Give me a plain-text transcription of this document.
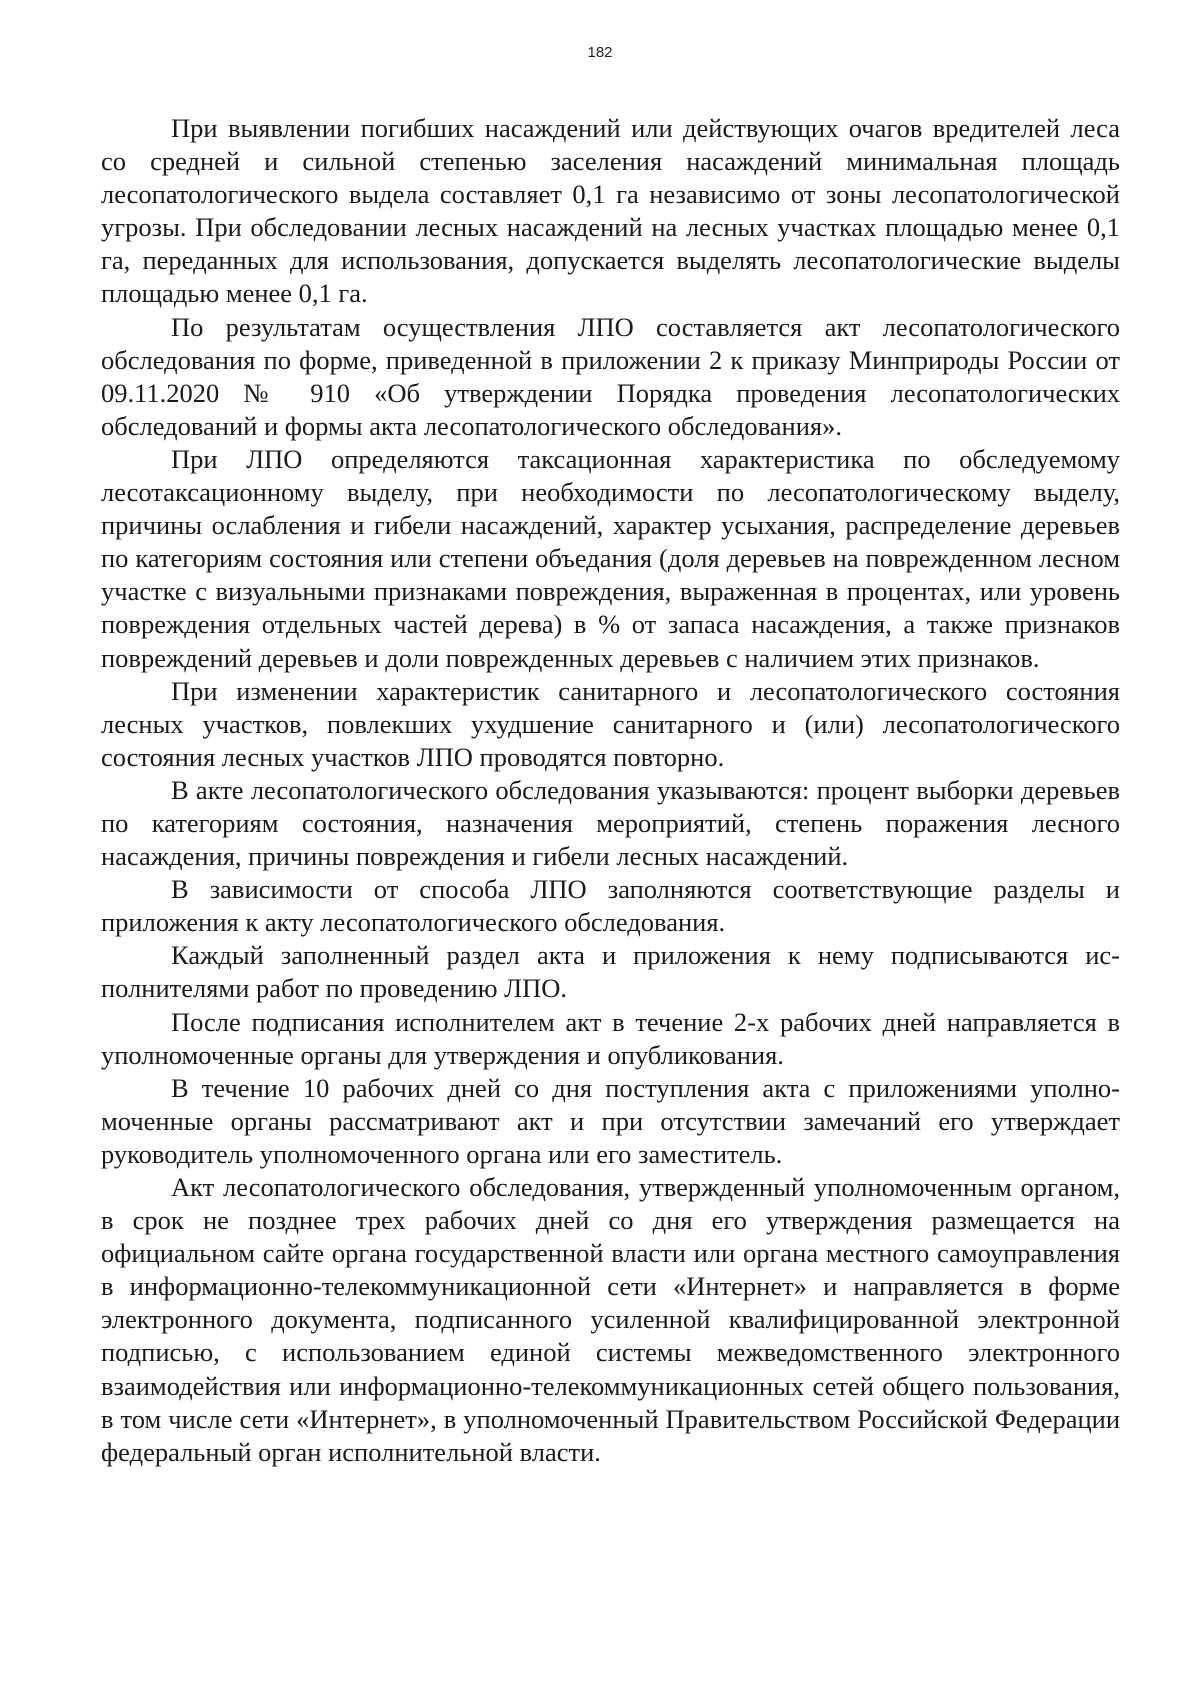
182

При выявлении погибших насаждений или действующих очагов вредителей леса со средней и сильной степенью заселения насаждений минимальная площадь лесопатологического выдела составляет 0,1 га независимо от зоны лесопатологической угрозы. При обследовании лесных насаждений на лесных участках площадью менее 0,1 га, переданных для использования, допускается выделять лесопатологические выделы площадью менее 0,1 га.

По результатам осуществления ЛПО составляется акт лесопатологического обследования по форме, приведенной в приложении 2 к приказу Минприроды России от 09.11.2020 № 910 «Об утверждении Порядка проведения лесопатологических обследований и формы акта лесопатологического обследования».

При ЛПО определяются таксационная характеристика по обследуемому лесотаксационному выделу, при необходимости по лесопатологическому выделу, причины ослабления и гибели насаждений, характер усыхания, распределение деревьев по категориям состояния или степени объедания (доля деревьев на поврежденном лесном участке с визуальными признаками повреждения, выраженная в процентах, или уровень повреждения отдельных частей дерева) в % от запаса насаждения, а также признаков повреждений деревьев и доли поврежденных деревьев с наличием этих признаков.

При изменении характеристик санитарного и лесопатологического состояния лесных участков, повлекших ухудшение санитарного и (или) лесопатологического состояния лесных участков ЛПО проводятся повторно.

В акте лесопатологического обследования указываются: процент выборки деревьев по категориям состояния, назначения мероприятий, степень поражения лесного насаждения, причины повреждения и гибели лесных насаждений.

В зависимости от способа ЛПО заполняются соответствующие разделы и приложения к акту лесопатологического обследования.

Каждый заполненный раздел акта и приложения к нему подписываются исполнителями работ по проведению ЛПО.

После подписания исполнителем акт в течение 2-х рабочих дней направляется в уполномоченные органы для утверждения и опубликования.

В течение 10 рабочих дней со дня поступления акта с приложениями уполномоченные органы рассматривают акт и при отсутствии замечаний его утверждает руководитель уполномоченного органа или его заместитель.

Акт лесопатологического обследования, утвержденный уполномоченным органом, в срок не позднее трех рабочих дней со дня его утверждения размещается на официальном сайте органа государственной власти или органа местного самоуправления в информационно-телекоммуникационной сети «Интернет» и направляется в форме электронного документа, подписанного усиленной квалифицированной электронной подписью, с использованием единой системы межведомственного электронного взаимодействия или информационно-телекоммуникационных сетей общего пользования, в том числе сети «Интернет», в уполномоченный Правительством Российской Федерации федеральный орган исполнительной власти.
